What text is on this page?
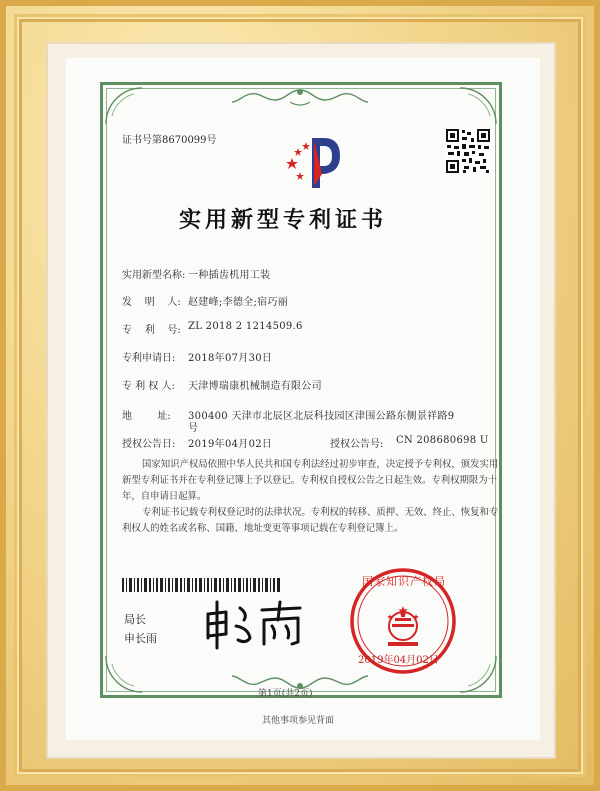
证书号第8670099号
实用新型专利证书
实用新型名称: 一种插齿机用工装
发    明    人: 赵建峰;李德全;宿巧丽
专    利    号: ZL 2018 2 1214509.6
专利申请日: 2018年07月30日
专 利 权 人: 天津博瑞康机械制造有限公司
地        址: 300400 天津市北辰区北辰科技园区津围公路东侧景祥路9
号
授权公告日: 2019年04月02日	授权公告号: CN 208680698 U
国家知识产权局依照中华人民共和国专利法经过初步审查，决定授予专利权，颁发实用
新型专利证书并在专利登记簿上予以登记。专利权自授权公告之日起生效。专利权期限为十
年，自申请日起算。
专利证书记载专利权登记时的法律状况。专利权的转移、质押、无效、终止、恢复和专
利权人的姓名或名称、国籍、地址变更等事项记载在专利登记簿上。
局长
申长雨
国家知识产权局
2019年04月02日
第1页(共2页)
其他事项参见背面
